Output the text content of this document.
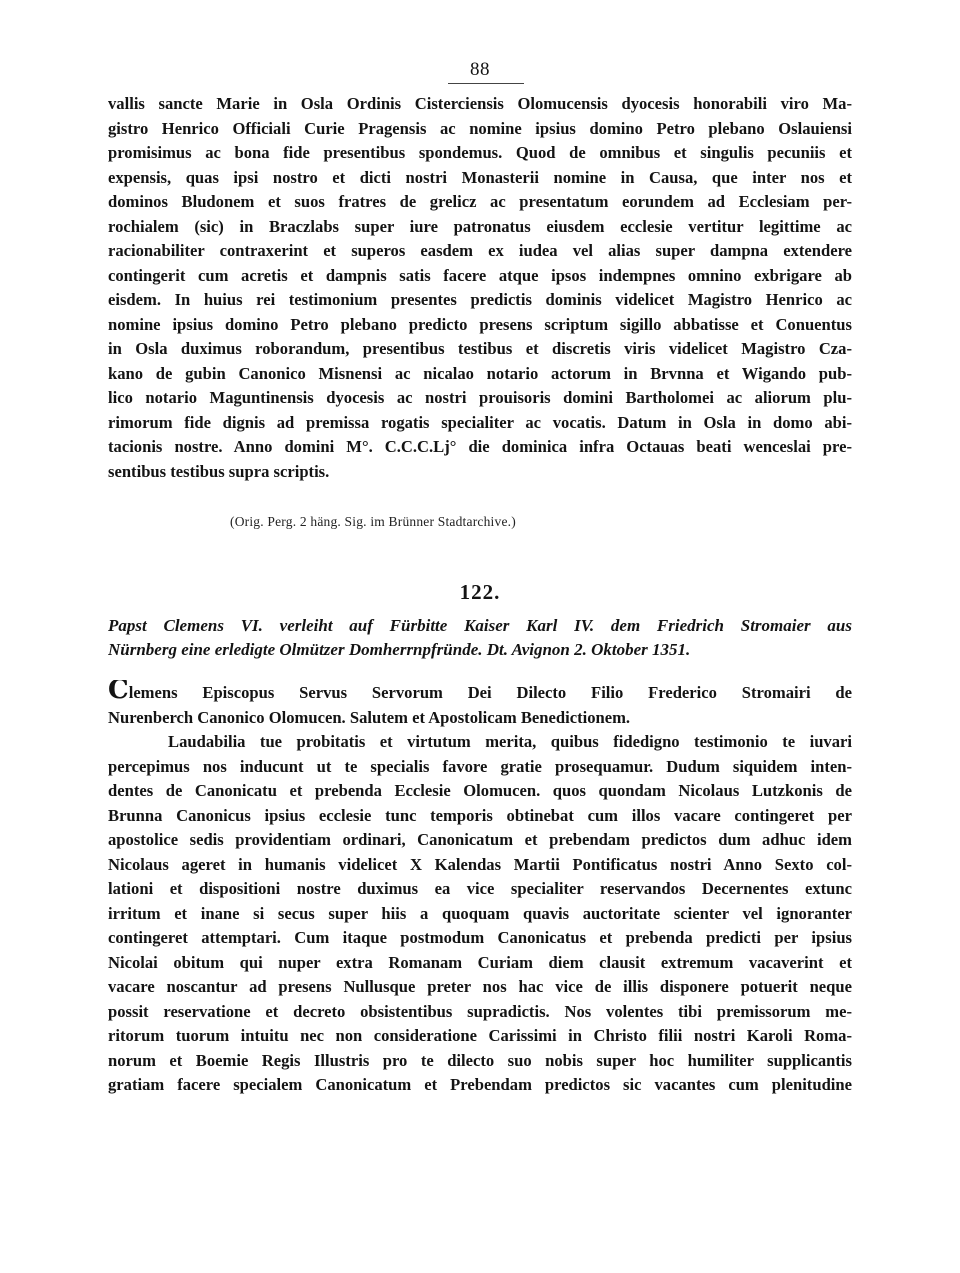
88
vallis sancte Marie in Osla Ordinis Cisterciensis Olomucensis dyocesis honorabili viro Ma-
gistro Henrico Officiali Curie Pragensis ac nomine ipsius domino Petro plebano Oslauiensi
promisimus ac bona fide presentibus spondemus. Quod de omnibus et singulis pecuniis et
expensis, quas ipsi nostro et dicti nostri Monasterii nomine in Causa, que inter nos et
dominos Bludonem et suos fratres de grelicz ac presentatum eorundem ad Ecclesiam per-
rochialem (sic) in Braczlabs super iure patronatus eiusdem ecclesie vertitur legittime ac
racionabiliter contraxerint et superos easdem ex iudea vel alias super dampna extendere
contingerit cum acretis et dampnis satis facere atque ipsos indempnes omnino exbrigare ab
eisdem. In huius rei testimonium presentes predictis dominis videlicet Magistro Henrico ac
nomine ipsius domino Petro plebano predicto presens scriptum sigillo abbatisse et Conuentus
in Osla duximus roborandum, presentibus testibus et discretis viris videlicet Magistro Cza-
kano de gubin Canonico Misnensi ac nicalao notario actorum in Brvnna et Wigando pub-
lico notario Maguntinensis dyocesis ac nostri prouisoris domini Bartholomei ac aliorum plu-
rimorum fide dignis ad premissa rogatis specialiter ac vocatis. Datum in Osla in domo abi-
tacionis nostre. Anno domini M°. C.C.C.Lj° die dominica infra Octauas beati wenceslai pre-
sentibus testibus supra scriptis.
(Orig. Perg. 2 häng. Sig. im Brünner Stadtarchive.)
122.
Papst Clemens VI. verleiht auf Fürbitte Kaiser Karl IV. dem Friedrich Stromaier aus
Nürnberg eine erledigte Olmützer Domherrnpfründe. Dt. Avignon 2. Oktober 1351.
Clemens Episcopus Servus Servorum Dei Dilecto Filio Frederico Stromairi de
Nurenberch Canonico Olomucen. Salutem et Apostolicam Benedictionem.
Laudabilia tue probitatis et virtutum merita, quibus fidedigno testimonio te iuvari
percepimus nos inducunt ut te specialis favore gratie prosequamur. Dudum siquidem inten-
dentes de Canonicatu et prebenda Ecclesie Olomucen. quos quondam Nicolaus Lutzkonis de
Brunna Canonicus ipsius ecclesie tunc temporis obtinebat cum illos vacare contingeret per
apostolice sedis providentiam ordinari, Canonicatum et prebendam predictos dum adhuc idem
Nicolaus ageret in humanis videlicet X Kalendas Martii Pontificatus nostri Anno Sexto col-
lationi et dispositioni nostre duximus ea vice specialiter reservandos Decernentes extunc
irritum et inane si secus super hiis a quoquam quavis auctoritate scienter vel ignoranter
contingeret attemptari. Cum itaque postmodum Canonicatus et prebenda predicti per ipsius
Nicolai obitum qui nuper extra Romanam Curiam diem clausit extremum vacaverint et
vacare noscantur ad presens Nullusque preter nos hac vice de illis disponere potuerit neque
possit reservatione et decreto obsistentibus supradictis. Nos volentes tibi premissorum me-
ritorum tuorum intuitu nec non consideratione Carissimi in Christo filii nostri Karoli Roma-
norum et Boemie Regis Illustris pro te dilecto suo nobis super hoc humiliter supplicantis
gratiam facere specialem Canonicatum et Prebendam predictos sic vacantes cum plenitudine
